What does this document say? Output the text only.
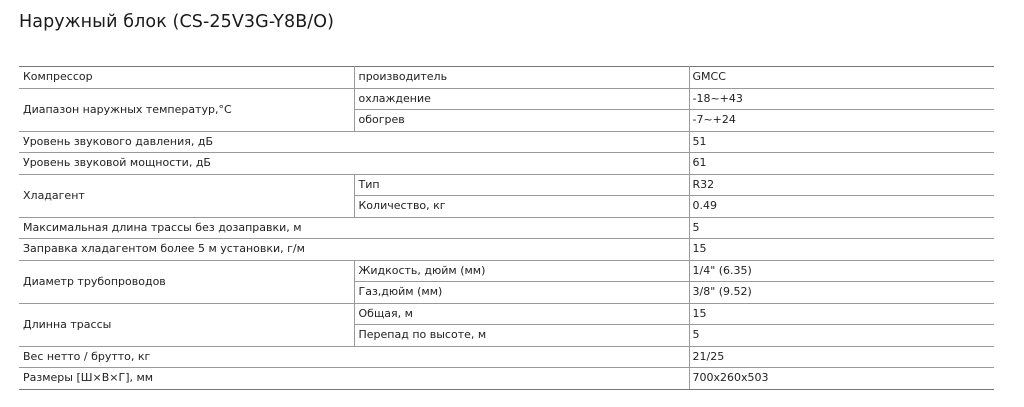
Наружный блок (CS-25V3G-Y8B/O)
Компрессор	производитель	GMCC
Диапазон наружных температур,°C	охлаждение	-18~+43
	обогрев	-7~+24
Уровень звукового давления, дБ		51
Уровень звуковой мощности, дБ		61
Хладагент	Тип	R32
	Количество, кг	0.49
Максимальная длина трассы без дозаправки, м		5
Заправка хладагентом более 5 м установки, г/м		15
Диаметр трубопроводов	Жидкость, дюйм (мм)	1/4" (6.35)
	Газ,дюйм (мм)	3/8" (9.52)
Длинна трассы	Общая, м	15
	Перепад по высоте, м	5
Вес нетто / брутто, кг		21/25
Размеры [Ш×В×Г], мм		700х260х503
